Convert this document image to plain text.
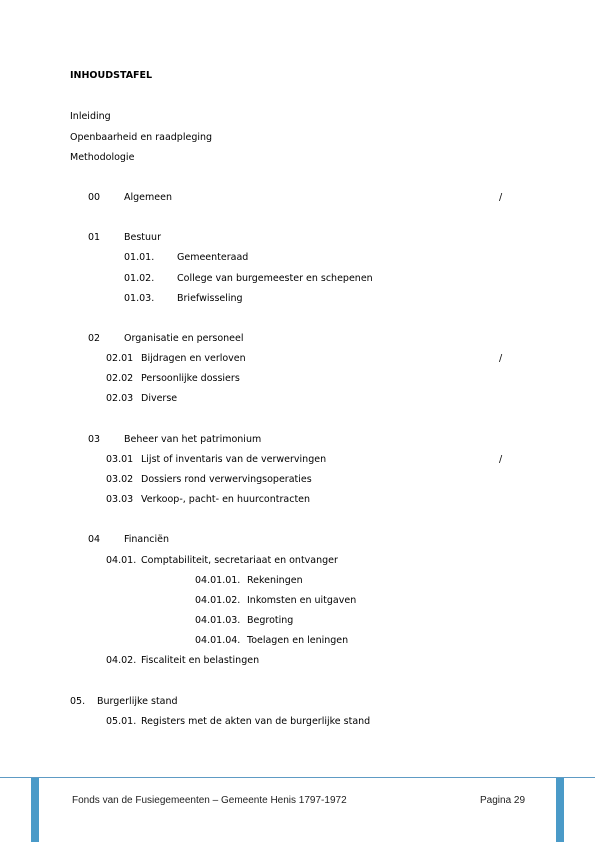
INHOUDSTAFEL
Inleiding
Openbaarheid en raadpleging
Methodologie
00	Algemeen	/
01	Bestuur
01.01. Gemeenteraad
01.02. College van burgemeester en schepenen
01.03. Briefwisseling
02	Organisatie en personeel
02.01 Bijdragen en verloven	/
02.02 Persoonlijke dossiers
02.03 Diverse
03	Beheer van het patrimonium
03.01 Lijst of inventaris van de verwervingen	/
03.02 Dossiers rond verwervingsoperaties
03.03 Verkoop-, pacht- en huurcontracten
04	Financiën
04.01. Comptabiliteit, secretariaat en ontvanger
04.01.01. Rekeningen
04.01.02. Inkomsten en uitgaven
04.01.03. Begroting
04.01.04. Toelagen en leningen
04.02. Fiscaliteit en belastingen
05. Burgerlijke stand
05.01. Registers met de akten van de burgerlijke stand
Fonds van de Fusiegemeenten – Gemeente Henis 1797-1972	Pagina 29
